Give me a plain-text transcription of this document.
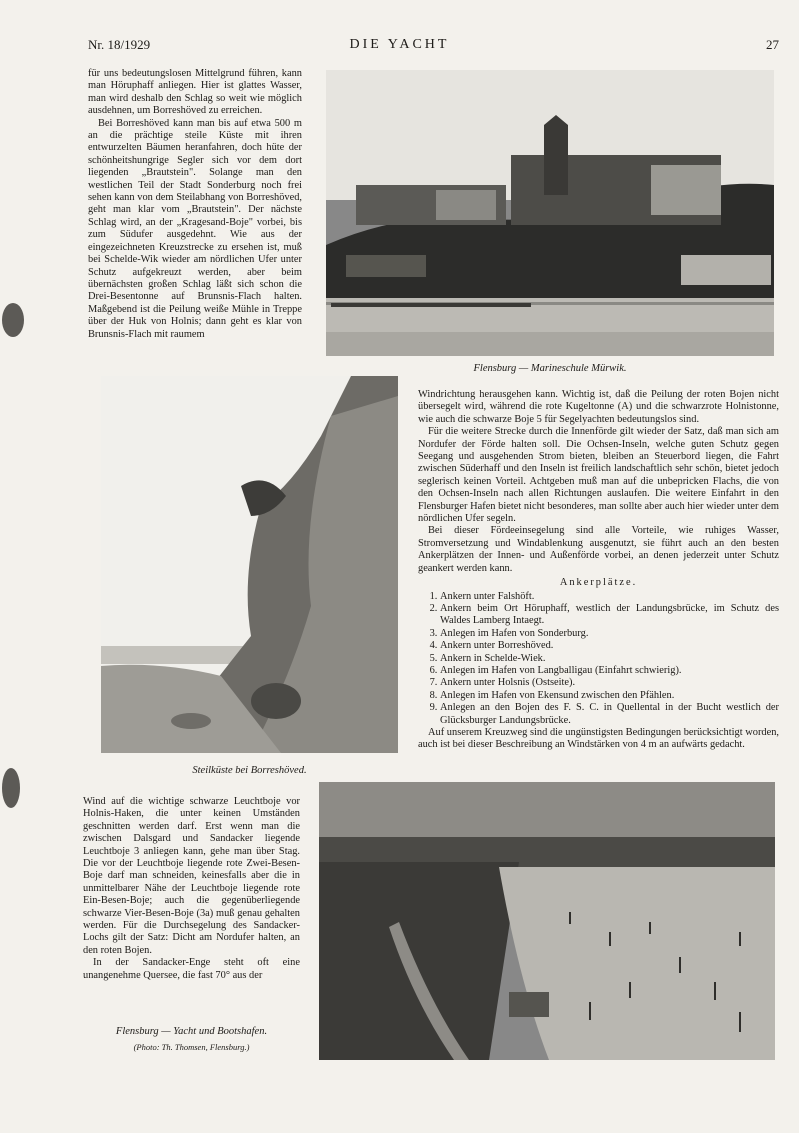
Nr. 18/1929	DIE YACHT	27

für uns bedeutungslosen Mittelgrund führen, kann man Höruphaff anliegen. Hier ist glattes Wasser, man wird deshalb den Schlag so weit wie möglich ausdehnen, um Borreshöved zu erreichen.

Bei Borreshöved kann man bis auf etwa 500 m an die prächtige steile Küste mit ihren entwurzelten Bäumen heranfahren, doch hüte der schönheitshungrige Segler sich vor dem dort liegenden „Brautstein". Solange man den westlichen Teil der Stadt Sonderburg noch frei sehen kann von dem Steilabhang von Borreshöved, geht man klar vom „Brautstein". Der nächste Schlag wird, an der „Kragesand-Boje" vorbei, bis zum Südufer ausgedehnt. Wie aus der eingezeichneten Kreuzstrecke zu ersehen ist, muß bei Schelde-Wik wieder am nördlichen Ufer unter Schutz aufgekreuzt werden, aber beim übernächsten großen Schlag läßt sich schon die Drei-Besentonne auf Brunsnis-Flach halten. Maßgebend ist die Peilung weiße Mühle in Treppe über der Huk von Holnis; dann geht es klar von Brunsnis-Flach mit raumem

Flensburg — Marineschule Mürwik.
Steilküste bei Borreshöved.

Windrichtung herausgehen kann. Wichtig ist, daß die Peilung der roten Bojen nicht übersegelt wird, während die rote Kugeltonne (A) und die schwarzrote Holnistonne, wie auch die schwarze Boje 5 für Segelyachten bedeutungslos sind.

Für die weitere Strecke durch die Innenförde gilt wieder der Satz, daß man sich am Nordufer der Förde halten soll. Die Ochsen-Inseln, welche guten Schutz gegen Seegang und ausgehenden Strom bieten, bleiben an Steuerbord liegen, die Fahrt zwischen Süderhaff und den Inseln ist freilich landschaftlich sehr schön, bietet jedoch seglerisch keinen Vorteil. Achtgeben muß man auf die unbepricken Flachs, die von den Ochsen-Inseln nach allen Richtungen auslaufen. Die weitere Einfahrt in den Flensburger Hafen bietet nicht besonderes, man sollte aber auch hier wieder unter dem nördlichen Ufer segeln.

Bei dieser Fördeeinsegelung sind alle Vorteile, wie ruhiges Wasser, Stromversetzung und Windablenkung ausgenutzt, sie führt auch an den besten Ankerplätzen der Innen- und Außenförde vorbei, an denen jederzeit unter Schutz geankert werden kann.

Ankerplätze.
1. Ankern unter Falshöft.
2. Ankern beim Ort Höruphaff, westlich der Landungsbrücke, im Schutz des Waldes Lamberg Intaegt.
3. Anlegen im Hafen von Sonderburg.
4. Ankern unter Borreshöved.
5. Ankern in Schelde-Wiek.
6. Anlegen im Hafen von Langballigau (Einfahrt schwierig).
7. Ankern unter Holsnis (Ostseite).
8. Anlegen im Hafen von Ekensund zwischen den Pfählen.
9. Anlegen an den Bojen des F. S. C. in Quellental in der Bucht westlich der Glücksburger Landungsbrücke.

Auf unserem Kreuzweg sind die ungünstigsten Bedingungen berücksichtigt worden, auch ist bei dieser Beschreibung an Windstärken von 4 m an aufwärts gedacht.

Wind auf die wichtige schwarze Leuchtboje vor Holnis-Haken, die unter keinen Umständen geschnitten werden darf. Erst wenn man die zwischen Dalsgard und Sandacker liegende Leuchtboje 3 anliegen kann, gehe man über Stag. Die vor der Leuchtboje liegende rote Zwei-Besen-Boje darf man schneiden, keinesfalls aber die in unmittelbarer Nähe der Leuchtboje liegende rote Ein-Besen-Boje; auch die gegenüberliegende schwarze Vier-Besen-Boje (3a) muß genau gehalten werden. Für die Durchsegelung des Sandacker-Lochs gilt der Satz: Dicht am Nordufer halten, an den roten Bojen.

In der Sandacker-Enge steht oft eine unangenehme Quersee, die fast 70° aus der

Flensburg — Yacht und Bootshafen.
(Photo: Th. Thomsen, Flensburg.)
